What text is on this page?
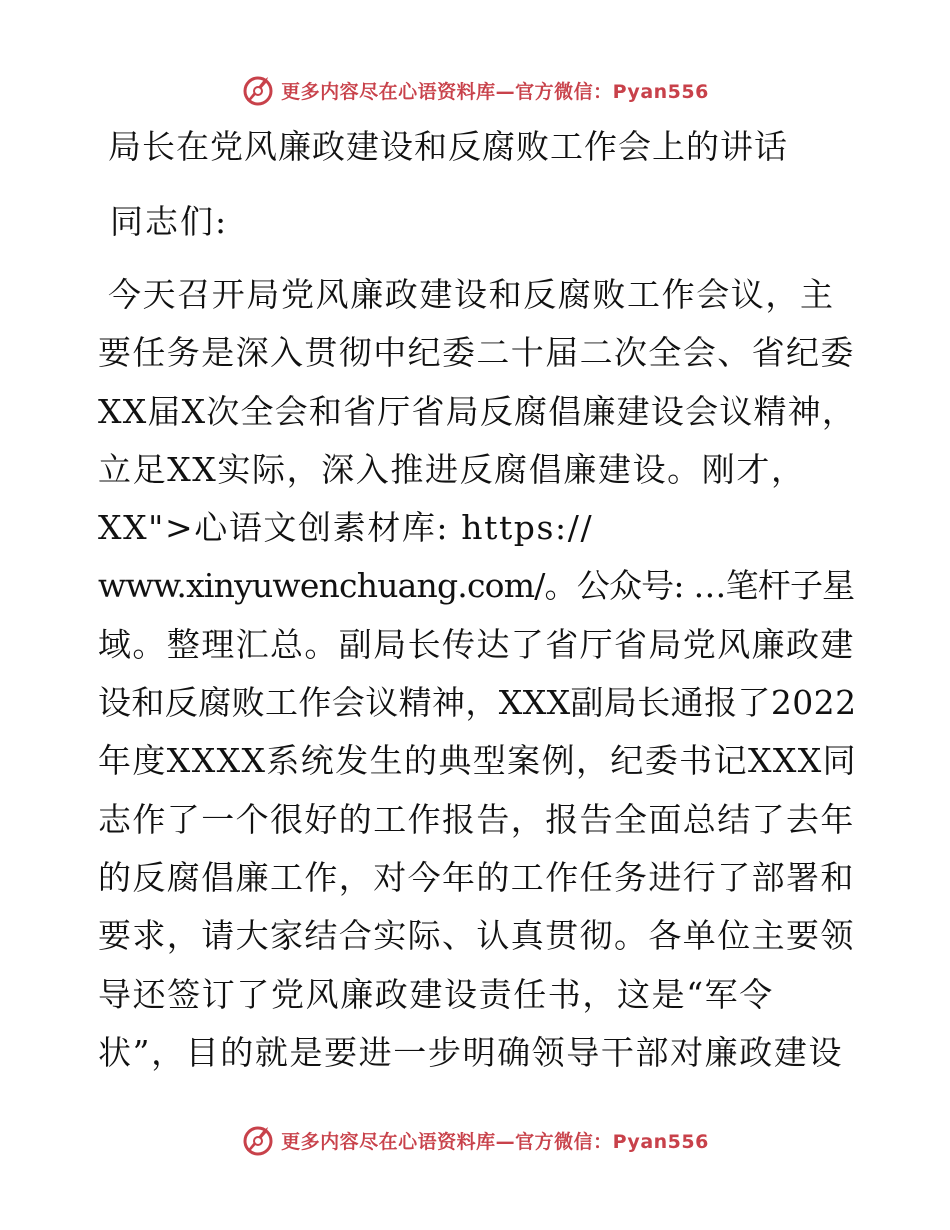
更多内容尽在心语资料库—官方微信：Pyan556
局长在党风廉政建设和反腐败工作会上的讲话
同志们:
今天召开局党风廉政建设和反腐败工作会议，主
要任务是深入贯彻中纪委二十届二次全会、省纪委
XX届X次全会和省厅省局反腐倡廉建设会议精神，
立足XX实际，深入推进反腐倡廉建设。刚才，
XX">心语文创素材库: https://
www.xinyuwenchuang.com/。公众号: …笔杆子星
域。整理汇总。副局长传达了省厅省局党风廉政建
设和反腐败工作会议精神，XXX副局长通报了2022
年度XXXX系统发生的典型案例，纪委书记XXX同
志作了一个很好的工作报告，报告全面总结了去年
的反腐倡廉工作，对今年的工作任务进行了部署和
要求，请大家结合实际、认真贯彻。各单位主要领
导还签订了党风廉政建设责任书，这是“军令
状”，目的就是要进一步明确领导干部对廉政建设
更多内容尽在心语资料库—官方微信：Pyan556
